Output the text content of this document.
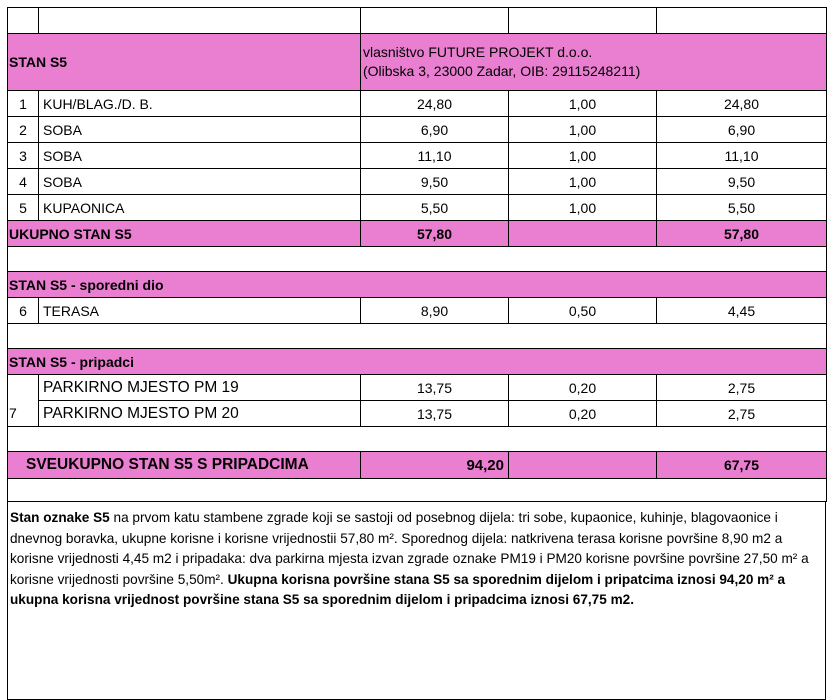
STAN S5		vlasništvo FUTURE PROJEKT d.o.o.
(Olibska 3, 23000 Zadar, OIB: 29115248211)		

1	KUH/BLAG./D. B.	24,80	1,00	24,80
2	SOBA	6,90	1,00	6,90
3	SOBA	11,10	1,00	11,10
4	SOBA	9,50	1,00	9,50
5	KUPAONICA	5,50	1,00	5,50
UKUPNO STAN S5		57,80		57,80

STAN S5 - sporedni dio				
6	TERASA	8,90	0,50	4,45

STAN S5 - pripadci				
	PARKIRNO MJESTO PM 19	13,75	0,20	2,75
7	PARKIRNO MJESTO PM 20	13,75	0,20	2,75

SVEUKUPNO STAN S5 S PRIPADCIMA		94,20		67,75

Stan oznake S5 na prvom katu stambene zgrade koji se sastoji od posebnog dijela: tri sobe, kupaonice, kuhinje, blagovaonice i dnevnog boravka, ukupne korisne i korisne vrijednostii 57,80 m². Sporednog dijela: natkrivena terasa korisne površine 8,90 m2 a korisne vrijednosti 4,45 m2 i pripadaka: dva parkirna mjesta izvan zgrade oznake PM19 i PM20 korisne površine površine 27,50 m² a korisne vrijednosti površine 5,50m². Ukupna korisna površine stana S5 sa sporednim dijelom i pripatcima iznosi 94,20 m² a ukupna korisna vrijednost površine stana S5 sa sporednim dijelom i pripadcima iznosi 67,75 m2.
